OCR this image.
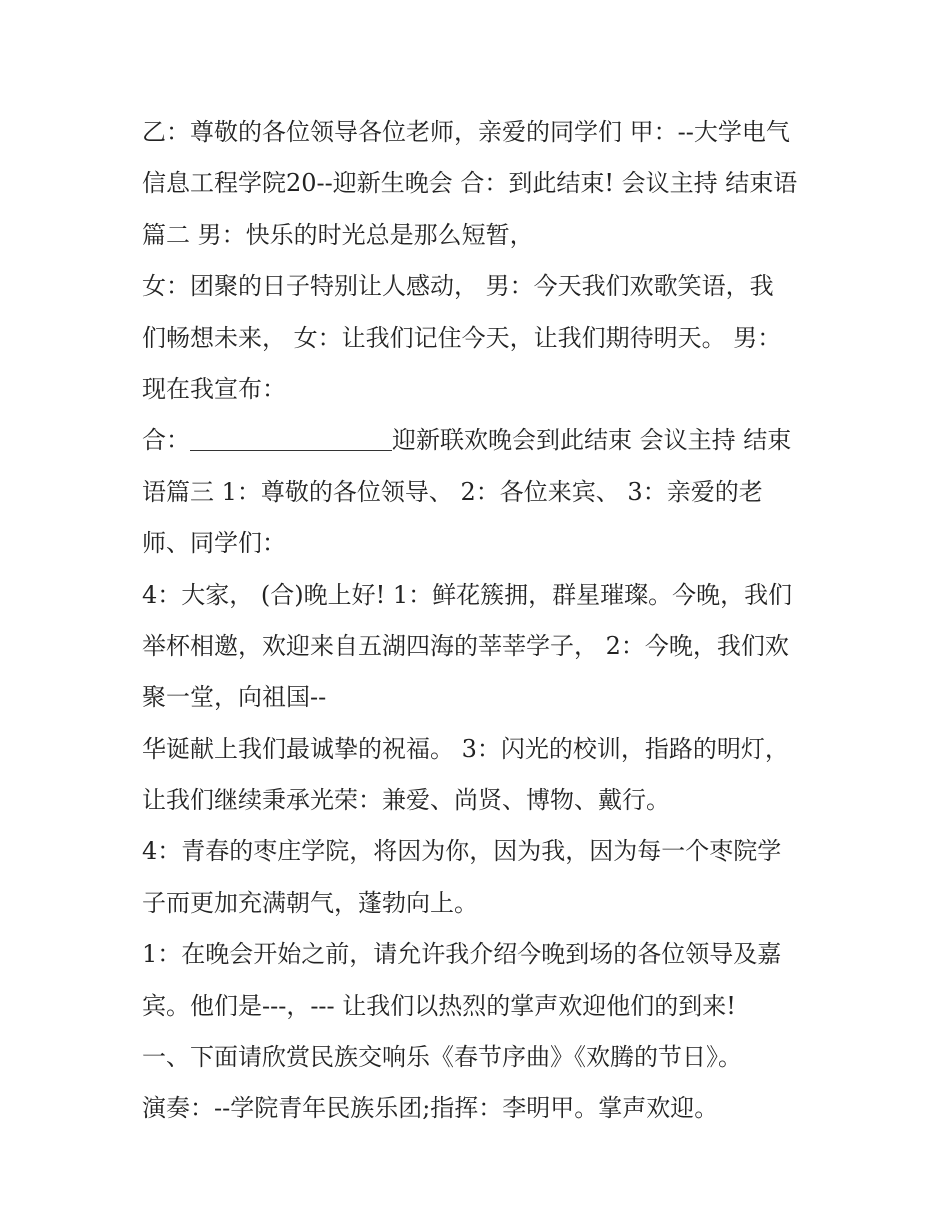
乙：尊敬的各位领导各位老师，亲爱的同学们 甲：--大学电气
信息工程学院20--迎新生晚会 合：到此结束! 会议主持 结束语
篇二 男：快乐的时光总是那么短暂，
女：团聚的日子特别让人感动， 男：今天我们欢歌笑语，我
们畅想未来， 女：让我们记住今天，让我们期待明天。 男：
现在我宣布：
合：	迎新联欢晚会到此结束 会议主持 结束
语篇三 1：尊敬的各位领导、 2：各位来宾、 3：亲爱的老
师、同学们：
4：大家， (合)晚上好! 1：鲜花簇拥，群星璀璨。今晚，我们
举杯相邀，欢迎来自五湖四海的莘莘学子， 2：今晚，我们欢
聚一堂，向祖国--
华诞献上我们最诚挚的祝福。 3：闪光的校训，指路的明灯，
让我们继续秉承光荣：兼爱、尚贤、博物、戴行。
4：青春的枣庄学院，将因为你，因为我，因为每一个枣院学
子而更加充满朝气，蓬勃向上。
1：在晚会开始之前，请允许我介绍今晚到场的各位领导及嘉
宾。他们是---，--- 让我们以热烈的掌声欢迎他们的到来!
一、下面请欣赏民族交响乐《春节序曲》《欢腾的节日》。
演奏：--学院青年民族乐团;指挥：李明甲。掌声欢迎。
